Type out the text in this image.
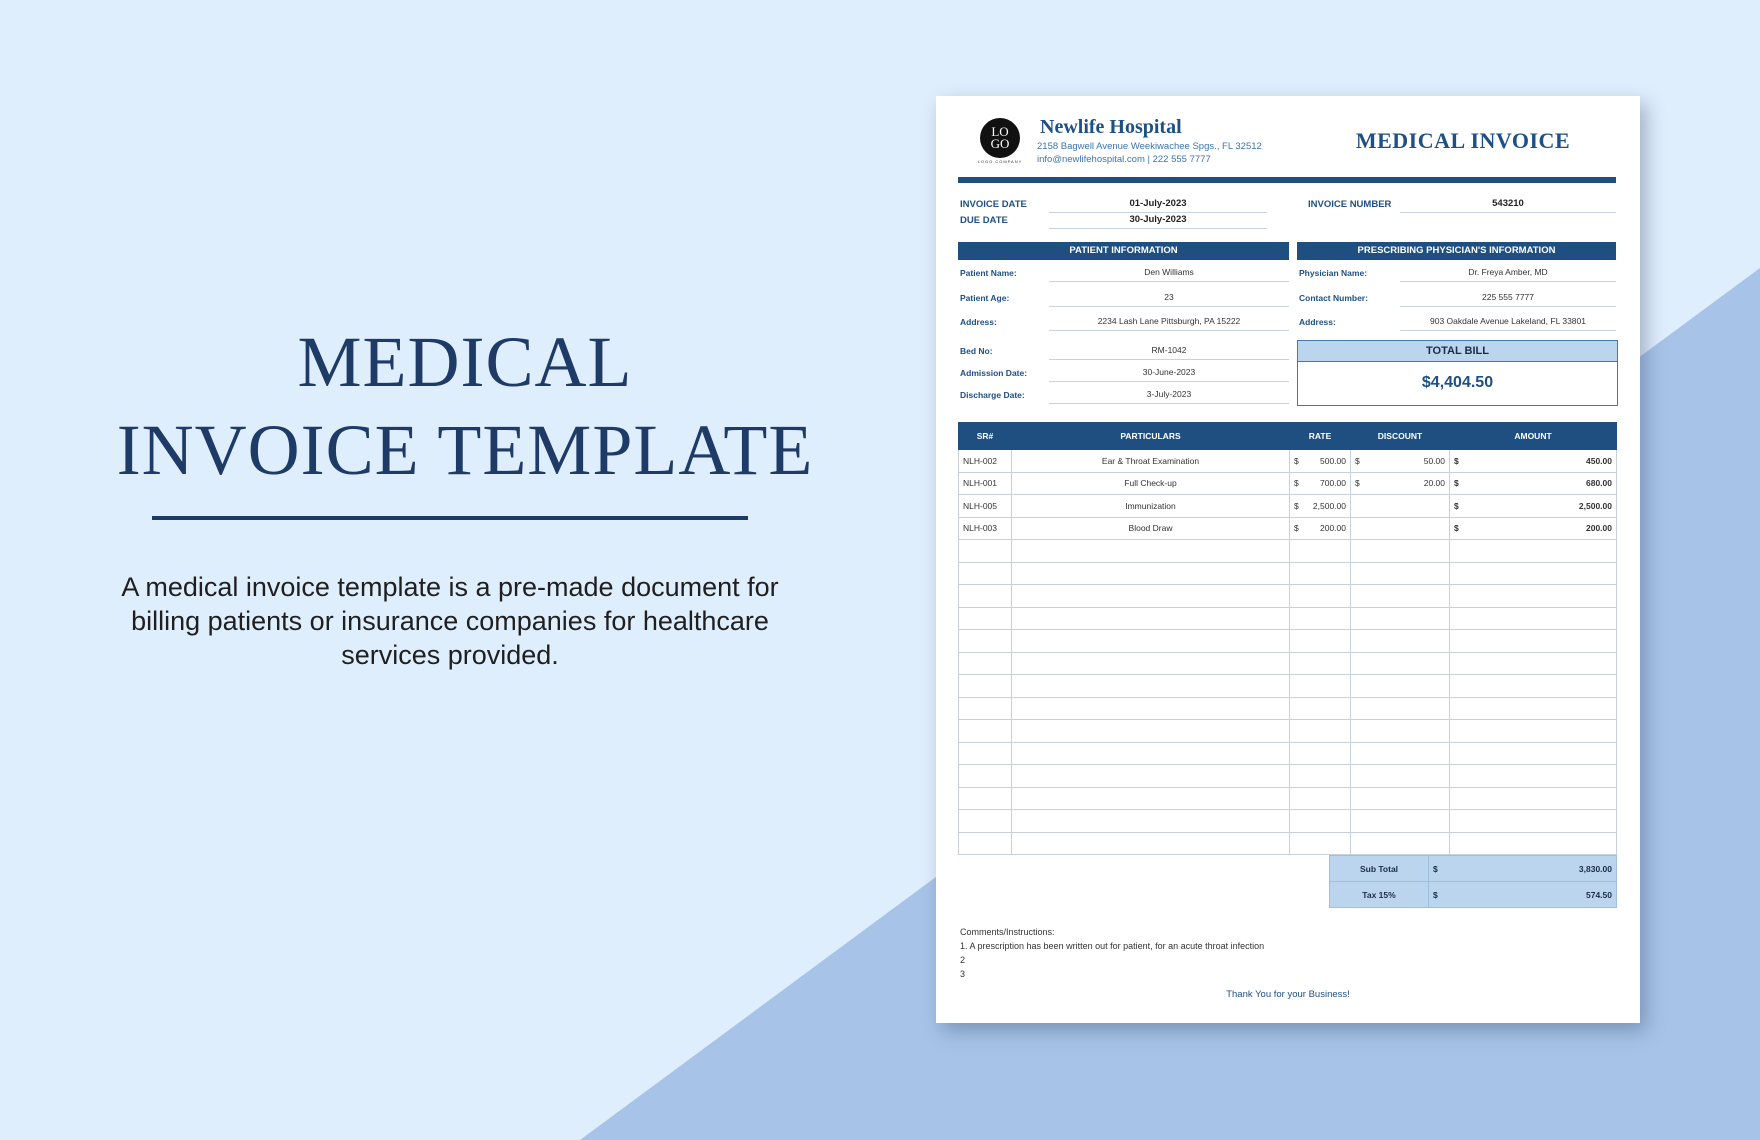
MEDICAL
INVOICE TEMPLATE
A medical invoice template is a pre-made document for billing patients or insurance companies for healthcare services provided.
LOGO
LOGO COMPANY
Newlife Hospital
2158 Bagwell Avenue Weekiwachee Spgs., FL 32512
info@newlifehospital.com | 222 555 7777
MEDICAL INVOICE
INVOICE DATE	01-July-2023
DUE DATE	30-July-2023
INVOICE NUMBER	543210
PATIENT INFORMATION	PRESCRIBING PHYSICIAN'S INFORMATION
Patient Name:	Den Williams
Patient Age:	23
Address:	2234 Lash Lane Pittsburgh, PA 15222
Bed No:	RM-1042
Admission Date:	30-June-2023
Discharge Date:	3-July-2023
Physician Name:	Dr. Freya Amber, MD
Contact Number:	225 555 7777
Address:	903 Oakdale Avenue Lakeland, FL 33801
TOTAL BILL
$4,404.50
SR#	PARTICULARS	RATE	DISCOUNT	AMOUNT
NLH-002	Ear & Throat Examination	$ 500.00	$ 50.00	$ 450.00

NLH-001	Full Check-up	$ 700.00	$ 20.00	$ 680.00

NLH-005	Immunization	$ 2,500.00		$ 2,500.00

NLH-003	Blood Draw	$ 200.00		$ 200.00

Sub Total	$ 3,830.00

Tax 15%	$ 574.50
Comments/Instructions:
1. A prescription has been written out for patient, for an acute throat infection
2
3
Thank You for your Business!
